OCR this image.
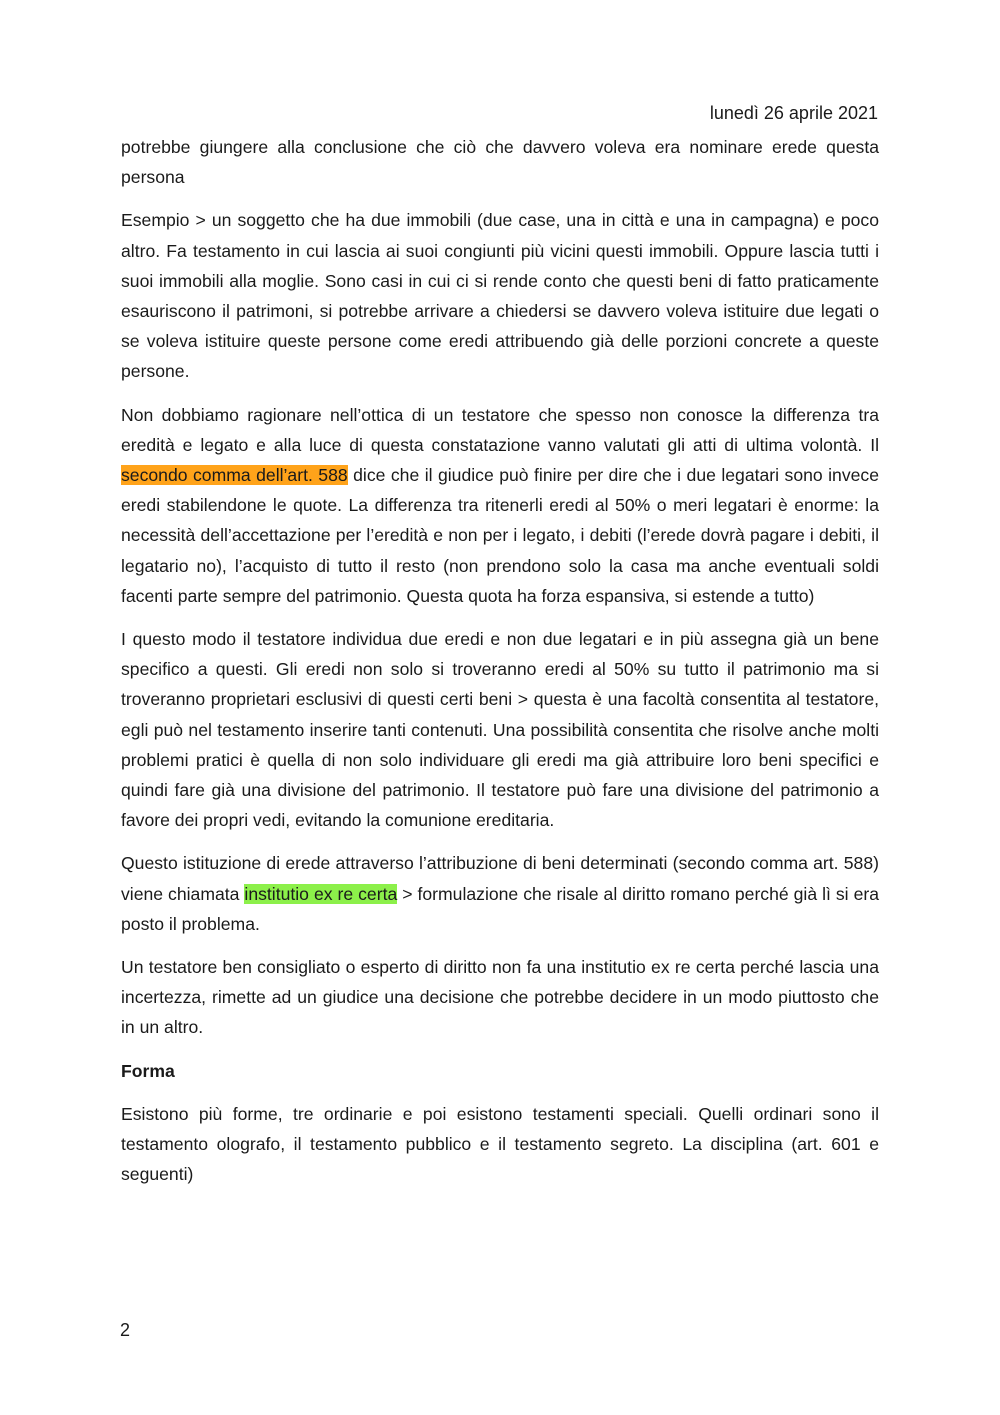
lunedì 26 aprile 2021

potrebbe giungere alla conclusione che ciò che davvero voleva era nominare erede questa persona

Esempio > un soggetto che ha due immobili (due case, una in città e una in campagna) e poco altro. Fa testamento in cui lascia ai suoi congiunti più vicini questi immobili. Oppure lascia tutti i suoi immobili alla moglie. Sono casi in cui ci si rende conto che questi beni di fatto praticamente esauriscono il patrimoni, si potrebbe arrivare a chiedersi se davvero voleva istituire due legati o se voleva istituire queste persone come eredi attribuendo già delle porzioni concrete a queste persone.

Non dobbiamo ragionare nell’ottica di un testatore che spesso non conosce la differenza tra eredità e legato e alla luce di questa constatazione vanno valutati gli atti di ultima volontà. Il secondo comma dell’art. 588 dice che il giudice può finire per dire che i due legatari sono invece eredi stabilendone le quote. La differenza tra ritenerli eredi al 50% o meri legatari è enorme: la necessità dell’accettazione per l’eredità e non per i legato, i debiti (l’erede dovrà pagare i debiti, il legatario no), l’acquisto di tutto il resto (non prendono solo la casa ma anche eventuali soldi facenti parte sempre del patrimonio. Questa quota ha forza espansiva, si estende a tutto)

I questo modo il testatore individua due eredi e non due legatari e in più assegna già un bene specifico a questi. Gli eredi non solo si troveranno eredi al 50% su tutto il patrimonio ma si troveranno proprietari esclusivi di questi certi beni > questa è una facoltà consentita al testatore, egli può nel testamento inserire tanti contenuti. Una possibilità consentita che risolve anche molti problemi pratici è quella di non solo individuare gli eredi ma già attribuire loro beni specifici e quindi fare già una divisione del patrimonio. Il testatore può fare una divisione del patrimonio a favore dei propri vedi, evitando la comunione ereditaria.

Questo istituzione di erede attraverso l’attribuzione di beni determinati (secondo comma art. 588) viene chiamata institutio ex re certa > formulazione che risale al diritto romano perché già lì si era posto il problema.

Un testatore ben consigliato o esperto di diritto non fa una institutio ex re certa perché lascia una incertezza, rimette ad un giudice una decisione che potrebbe decidere in un modo piuttosto che in un altro.

Forma

Esistono più forme, tre ordinarie e poi esistono testamenti speciali. Quelli ordinari sono il testamento olografo, il testamento pubblico e il testamento segreto. La disciplina (art. 601 e seguenti)

2
